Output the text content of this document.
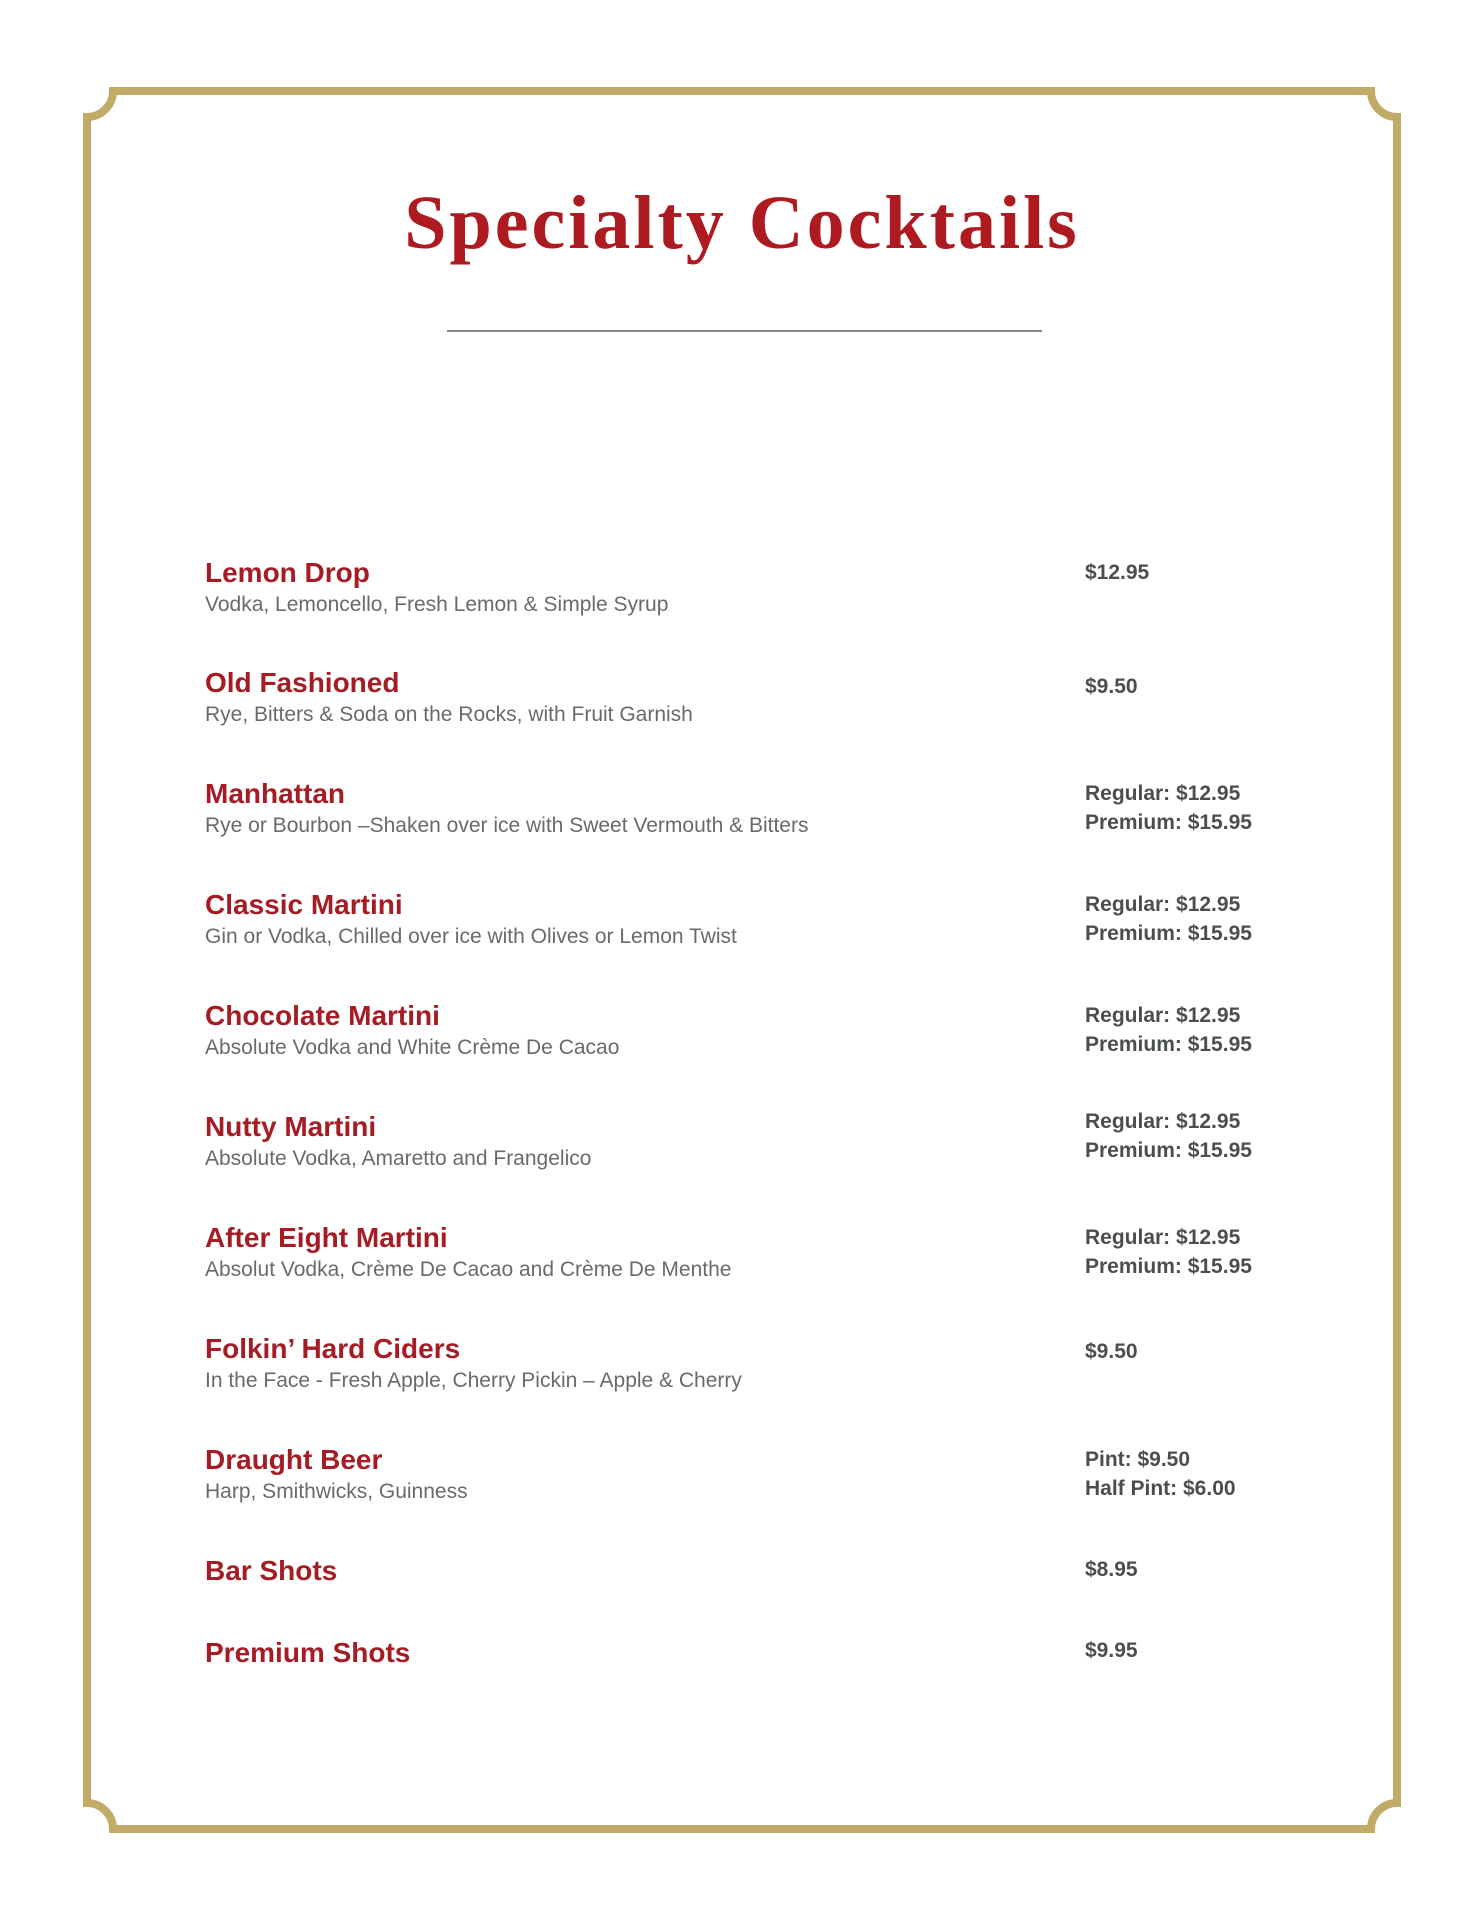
Specialty Cocktails
Lemon Drop
Vodka, Lemoncello, Fresh Lemon & Simple Syrup
$12.95
Old Fashioned
Rye, Bitters & Soda on the Rocks, with Fruit Garnish
$9.50
Manhattan
Rye or Bourbon –Shaken over ice with Sweet Vermouth & Bitters
Regular: $12.95
Premium: $15.95
Classic Martini
Gin or Vodka, Chilled over ice with Olives or Lemon Twist
Regular: $12.95
Premium: $15.95
Chocolate Martini
Absolute Vodka and White Crème De Cacao
Regular: $12.95
Premium: $15.95
Nutty Martini
Absolute Vodka, Amaretto and Frangelico
Regular: $12.95
Premium: $15.95
After Eight Martini
Absolut Vodka, Crème De Cacao and Crème De Menthe
Regular: $12.95
Premium: $15.95
Folkin’ Hard Ciders
In the Face - Fresh Apple, Cherry Pickin – Apple & Cherry
$9.50
Draught Beer
Harp, Smithwicks, Guinness
Pint: $9.50
Half Pint: $6.00
Bar Shots	$8.95
Premium Shots	$9.95
